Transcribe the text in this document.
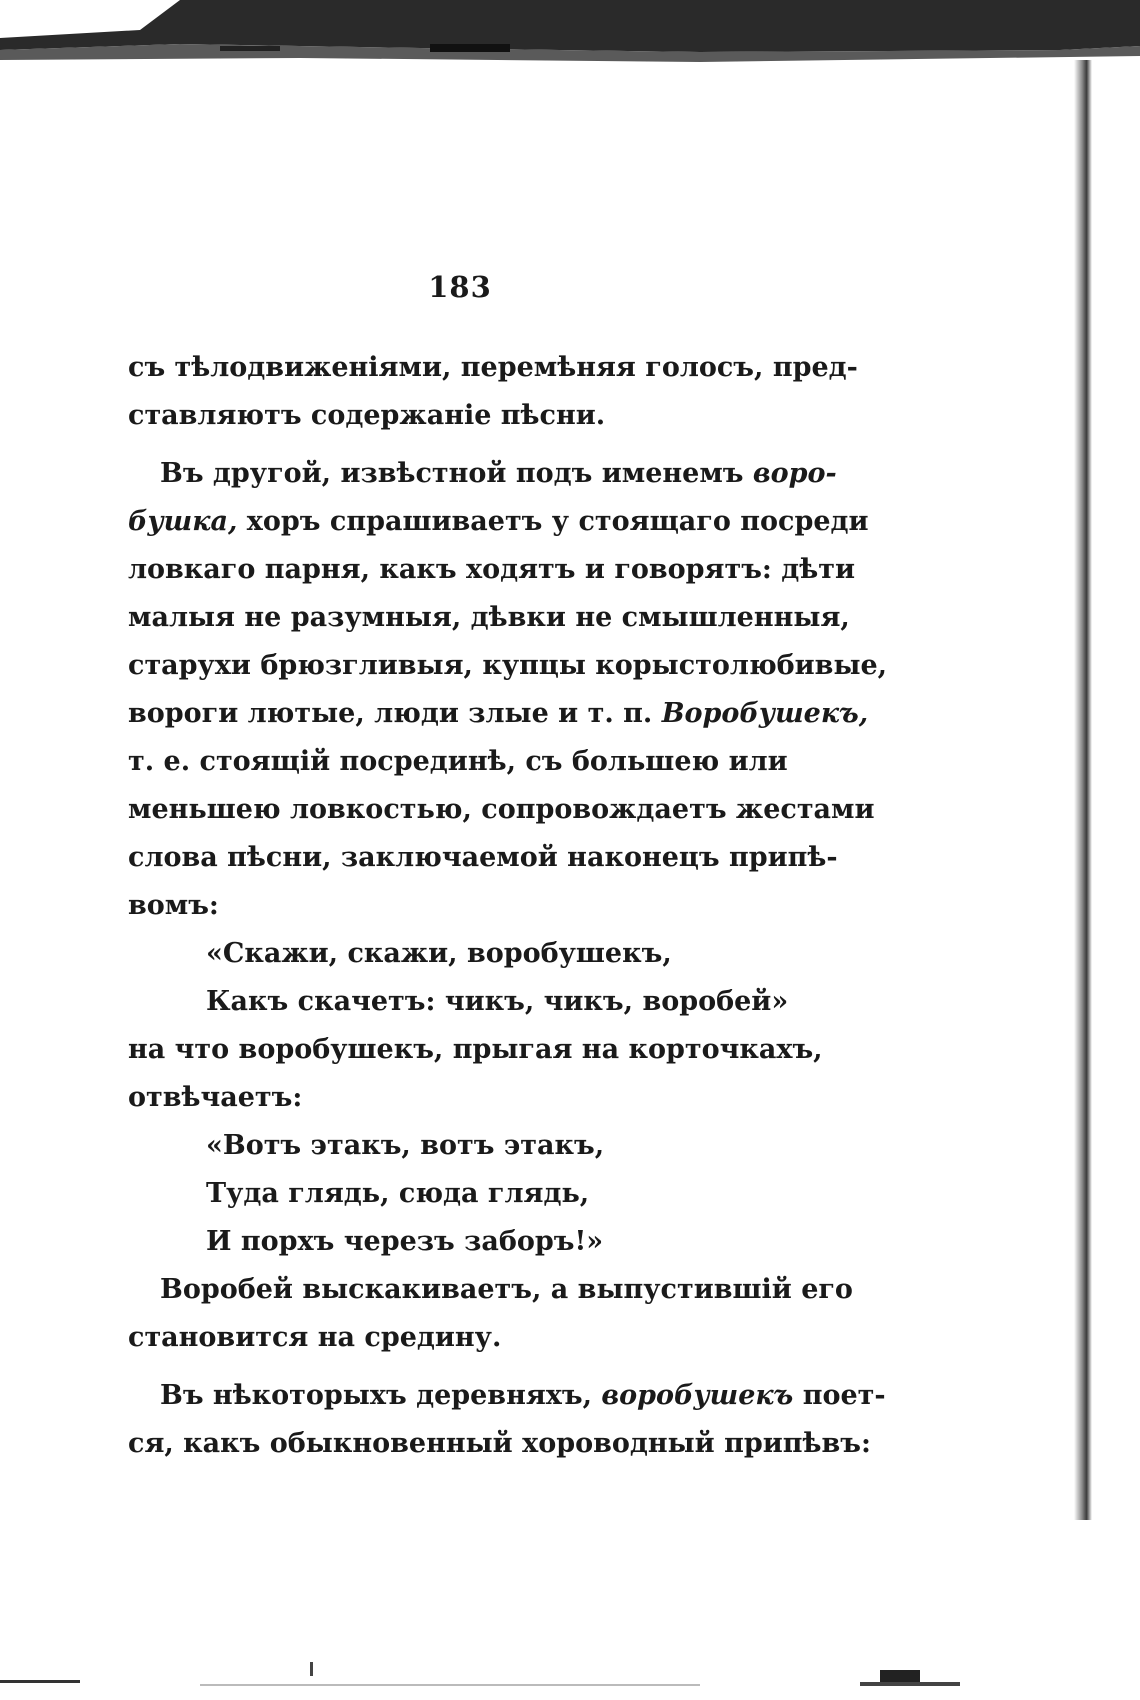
183
съ тѣлодвиженіями, перемѣняя голосъ, пред-
ставляютъ содержаніе пѣсни.
Въ другой, извѣстной подъ именемъ воро-
бушка, хоръ спрашиваетъ у стоящаго посреди
ловкаго парня, какъ ходятъ и говорятъ: дѣти
малыя не разумныя, дѣвки не смышленныя,
старухи брюзгливыя, купцы корыстолюбивые,
вороги лютые, люди злые и т. п. Воробушекъ,
т. е. стоящій посрединѣ, съ большею или
меньшею ловкостью, сопровождаетъ жестами
слова пѣсни, заключаемой наконецъ припѣ-
вомъ:
«Скажи, скажи, воробушекъ,
Какъ скачетъ: чикъ, чикъ, воробей»
на что воробушекъ, прыгая на корточкахъ,
отвѣчаетъ:
«Вотъ этакъ, вотъ этакъ,
Туда глядь, сюда глядь,
И порхъ черезъ заборъ!»
Воробей выскакиваетъ, а выпустившій его
становится на средину.
Въ нѣкоторыхъ деревняхъ, воробушекъ поет-
ся, какъ обыкновенный хороводный припѣвъ:
